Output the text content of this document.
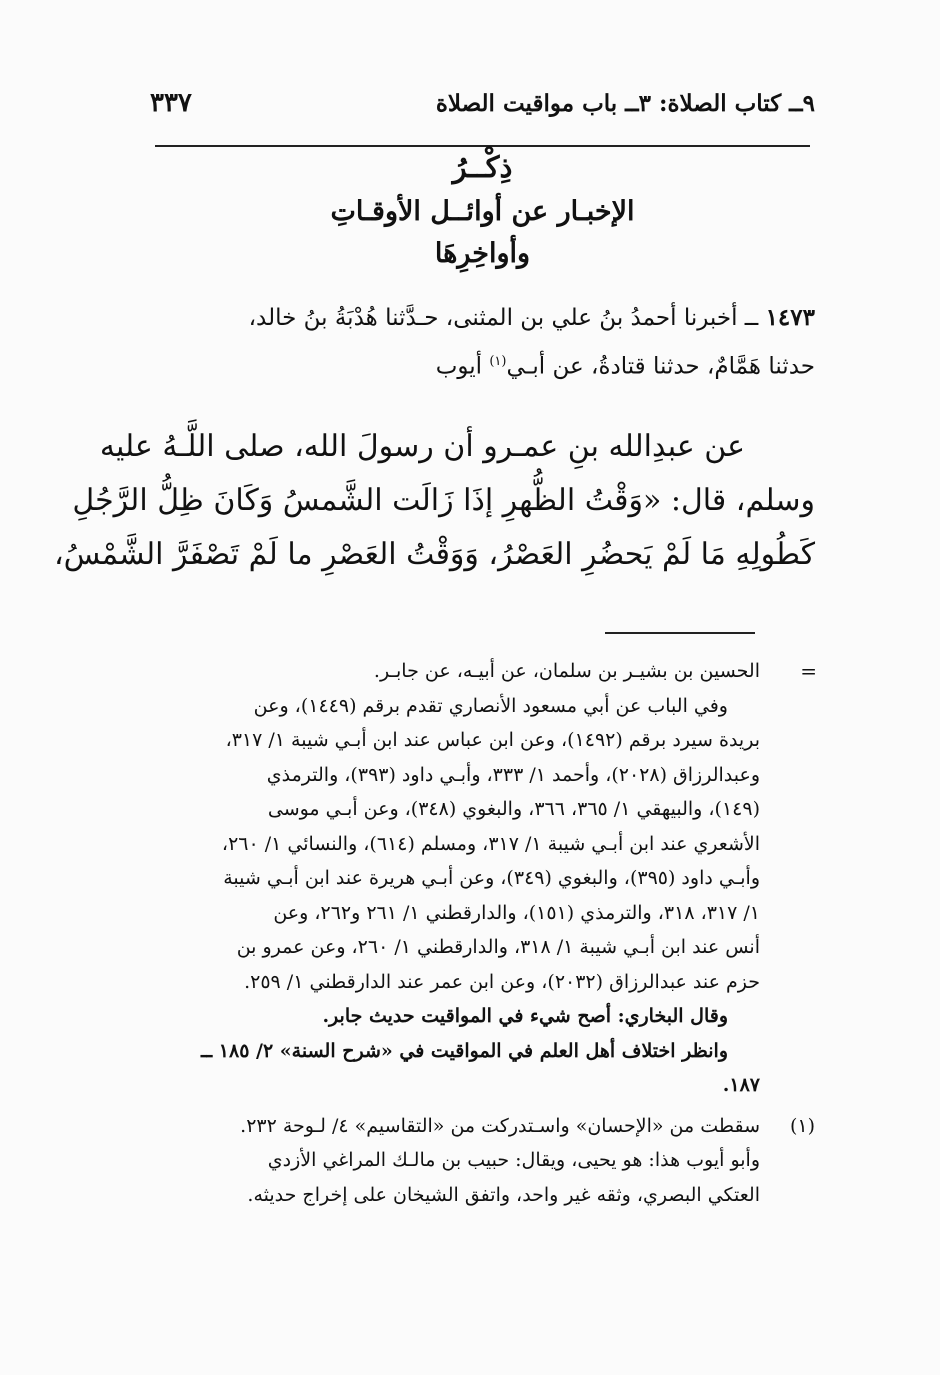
٩ــ كتاب الصلاة: ٣ــ باب مواقيت الصلاة
٣٣٧
ذِكْــرُ
الإخبـار عن أوائــل الأوقـاتِ
وأواخِرِهَا
١٤٧٣ ــ أخبرنا أحمدُ بنُ علي بن المثنى، حـدَّثنا هُدْبَةُ بنُ خالد،
حدثنا هَمَّامٌ، حدثنا قتادةُ، عن أبـي$^{(١)}$ أيوب
عن عبدِالله بنِ عمـرو أن رسولَ الله، صلى اللَّـهُ عليه
وسلم، قال: «وَقْتُ الظُّهرِ إذَا زَالَت الشَّمسُ وَكَانَ ظِلُّ الرَّجُلِ
كَطُولِهِ مَا لَمْ يَحضُرِ العَصْرُ، وَوَقْتُ العَصْرِ ما لَمْ تَصْفَرَّ الشَّمْسُ،
=
الحسين بن بشيـر بن سلمان، عن أبيـه، عن جابـر.
وفي الباب عن أبي مسعود الأنصاري تقدم برقم (١٤٤٩)، وعن
بريدة سيرد برقم (١٤٩٢)، وعن ابن عباس عند ابن أبـي شيبة ١/ ٣١٧،
وعبدالرزاق (٢٠٢٨)، وأحمد ١/ ٣٣٣، وأبـي داود (٣٩٣)، والترمذي
(١٤٩)، والبيهقي ١/ ٣٦٥، ٣٦٦، والبغوي (٣٤٨)، وعن أبـي موسى
الأشعري عند ابن أبـي شيبة ١/ ٣١٧، ومسلم (٦١٤)، والنسائي ١/ ٢٦٠،
وأبـي داود (٣٩٥)، والبغوي (٣٤٩)، وعن أبـي هريرة عند ابن أبـي شيبة
١/ ٣١٧، ٣١٨، والترمذي (١٥١)، والدارقطني ١/ ٢٦١ و٢٦٢، وعن
أنس عند ابن أبـي شيبة ١/ ٣١٨، والدارقطني ١/ ٢٦٠، وعن عمرو بن
حزم عند عبدالرزاق (٢٠٣٢)، وعن ابن عمر عند الدارقطني ١/ ٢٥٩.
وقال البخاري: أصح شيء في المواقيت حديث جابر.
وانظر اختلاف أهل العلم في المواقيت في «شرح السنة» ٢/ ١٨٥ ــ
١٨٧.
(١)
سقطت من «الإحسان» واسـتدركت من «التقاسيم» ٤/ لـوحة ٢٣٢.
وأبو أيوب هذا: هو يحيى، ويقال: حبيب بن مالـك المراغي الأزدي
العتكي البصري، وثقه غير واحد، واتفق الشيخان على إخراج حديثه.
